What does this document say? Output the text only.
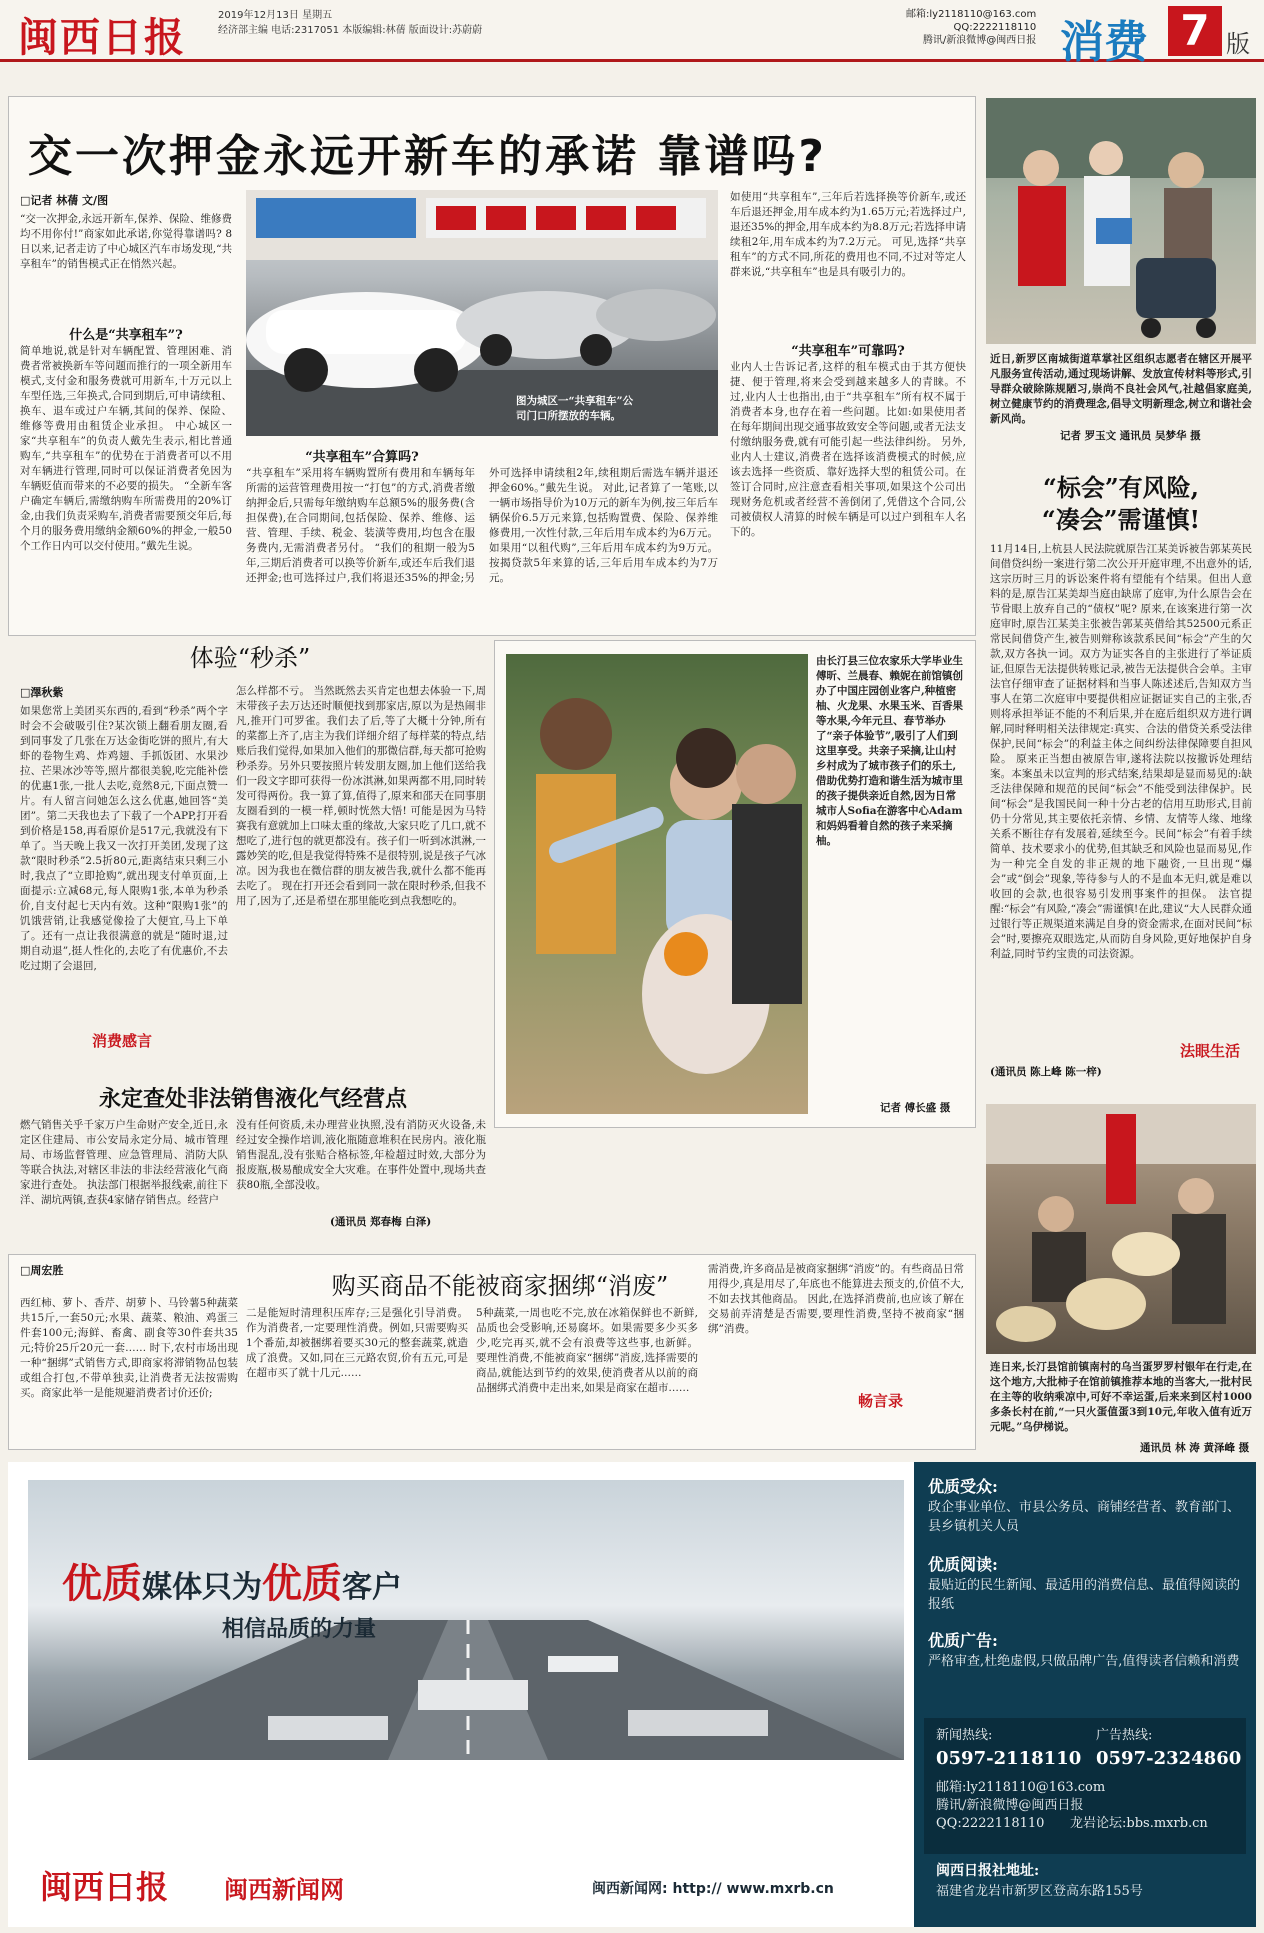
闽西日报	2019年12月13日 星期五
经济部主编 电话:2317051 本版编辑:林蒨 版面设计:苏蔚蔚
邮箱:ly2118110@163.com
QQ:2222118110
腾讯/新浪微博@闽西日报 消费 7 版
交一次押金永远开新车的承诺 靠谱吗?
□记者 林蒨 文/图
“交一次押金,永远开新车,保养、保险、维修费均不用你付!”商家如此承诺,你觉得靠谱吗? 8日以来,记者走访了中心城区汽车市场发现,“共享租车”的销售模式正在悄然兴起。
什么是“共享租车”?
简单地说,就是针对车辆配置、管理困难、消费者常被换新车等问题而推行的一项全新用车模式,支付金和服务费就可用新车,十万元以上车型任选,三年换式,合同到期后,可申请续租、换车、退车或过户车辆,其间的保养、保险、维修等费用由租赁企业承担。 中心城区一家“共享租车”的负责人戴先生表示,相比普通购车,“共享租车”的优势在于消费者可以不用对车辆进行管理,同时可以保证消费者免因为车辆贬值而带来的不必要的损失。 “全新车客户确定车辆后,需缴纳购车所需费用的20%订金,由我们负责采购车,消费者需要预交年后,每个月的服务费用缴纳金额60%的押金,一般50个工作日内可以交付使用。”戴先生说。
图为城区一“共享租车”公司门口所摆放的车辆。
“共享租车”合算吗?
“共享租车”采用将车辆购置所有费用和车辆每年所需的运营管理费用按一“打包”的方式,消费者缴纳押金后,只需每年缴纳购车总额5%的服务费(含担保费),在合同期间,包括保险、保养、维修、运营、管理、手续、税金、装潢等费用,均包含在服务费内,无需消费者另付。 “我们的租期一般为5年,三期后消费者可以换等价新车,或还车后我们退还押金;也可选择过户,我们将退还35%的押金;另外可选择申请续租2年,续租期后需选车辆并退还押金60%。”戴先生说。 对此,记者算了一笔账,以一辆市场指导价为10万元的新车为例,按三年后车辆保价6.5万元来算,包括购置费、保险、保养维修费用,一次性付款,三年后用车成本约为6万元。如果用“以租代购”,三年后用车成本约为9万元。按揭贷款5年来算的话,三年后用车成本约为7万元。
如使用“共享租车”,三年后若选择换等价新车,或还车后退还押金,用车成本约为1.65万元;若选择过户,退还35%的押金,用车成本约为8.8万元;若选择申请续租2年,用车成本约为7.2万元。 可见,选择“共享租车”的方式不同,所花的费用也不同,不过对等定人群来说,“共享租车”也是具有吸引力的。
“共享租车”可靠吗?
业内人士告诉记者,这样的租车模式由于其方便快捷、便于管理,将来会受到越来越多人的青睐。不过,业内人士也指出,由于“共享租车”所有权不属于消费者本身,也存在着一些问题。比如:如果使用者在每年期间出现交通事故致安全等问题,或者无法支付缴纳服务费,就有可能引起一些法律纠纷。 另外,业内人士建议,消费者在选择该消费模式的时候,应该去选择一些资质、靠好选择大型的租赁公司。在签订合同时,应注意查看相关事项,如果这个公司出现财务危机或者经营不善倒闭了,凭借这个合同,公司被债权人清算的时候车辆是可以过户到租车人名下的。
近日,新罗区南城街道草掌社区组织志愿者在辖区开展平凡服务宣传活动,通过现场讲解、发放宣传材料等形式,引导群众破除陈规陋习,崇尚不良社会风气,社越倡家庭美,树立健康节约的消费理念,倡导文明新理念,树立和谐社会新风尚。
记者 罗玉文 通讯员 吴梦华 摄
“标会”有风险,
“凑会”需谨慎!
11月14日,上杭县人民法院就原告江某美诉被告郭某英民间借贷纠纷一案进行第二次公开开庭审理,不出意外的话,这宗历时三月的诉讼案件将有望能有个结果。但出人意料的是,原告江某美却当庭由缺席了庭审,为什么原告会在节骨眼上放弃自己的“债权”呢? 原来,在该案进行第一次庭审时,原告江某美主张被告郭某英借给其52500元系正常民间借贷产生,被告则辩称该款系民间“标会”产生的欠款,双方各执一词。双方为证实各自的主张进行了举证质证,但原告无法提供转账记录,被告无法提供合会单。主审法官仔细审查了证据材料和当事人陈述述后,告知双方当事人在第二次庭审中要提供相应证据证实自己的主张,否则将承担举证不能的不利后果,并在庭后组织双方进行调解,同时释明相关法律规定:真实、合法的借贷关系受法律保护,民间“标会”的利益主体之间纠纷法律保障要自担风险。 原来正当想由被原告审,遂将法院以按撤诉处理结案。本案虽未以宣判的形式结案,结果却是显而易见的:缺乏法律保障和规范的民间“标会”不能受到法律保护。民间“标会”是我国民间一种十分古老的信用互助形式,目前仍十分常见,其主要依托亲情、乡情、友情等人缘、地缘关系不断往存有发展着,延续至今。民间“标会”有着手续简单、技术要求小的优势,但其缺乏和风险也显而易见,作为一种完全自发的非正规的地下融资,一旦出现“爆会”或“倒会”现象,等待参与人的不是血本无归,就是难以收回的会款,也很容易引发刑事案件的担保。 法官提醒:“标会”有风险,“凑会”需谨慎!在此,建议“大人民群众通过银行等正规渠道来满足自身的资金需求,在面对民间“标会”时,要擦亮双眼选定,从而防自身风险,更好地保护自身利益,同时节约宝贵的司法资源。
(通讯员 陈上峰 陈一梓)
法眼生活
连日来,长汀县馆前镇南村的乌当蛋罗罗村银年在行走,在这个地方,大批柿子在馆前镇推荐本地的当客大,一批村民在主等的收纳乘凉中,可好不幸运蛋,后来来到区村1000多条长村在前,“一只火蛋值蛋3到10元,年收入值有近万元呢。”乌伊梯说。
通讯员 林 涛 黄泽峰 摄
体验“秒杀”
□澤秋紫
如果您常上美团买东西的,看到“秒杀”两个字时会不会破吸引住?某次锁上翻看朋友圈,看到同事发了几张在万达金街吃饼的照片,有大虾的卷物生鸡、炸鸡翅、手抓饭团、水果沙拉、芒果冰沙等等,照片都很美貌,吃完能补偿的优惠1张,一批人去吃,竟然8元,下面点赞一片。有人留言问她怎么这么优惠,她回答“美团”。第二天我也去了下载了一个APP,打开看到价格是158,再看原价是517元,我就没有下单了。当天晚上我又一次打开美团,发现了这款“限时秒杀”2.5折80元,距离结束只剩三小时,我点了“立即抢购”,就出现支付单页面,上面提示:立减68元,每人限购1张,本单为秒杀价,自支付起七天内有效。这种“限购1张”的饥饿营销,让我感觉像捡了大便宜,马上下单了。还有一点让我很满意的就是“随时退,过期自动退”,挺人性化的,去吃了有优惠价,不去吃过期了会退回,
怎么样都不亏。 当然既然去买肯定也想去体验一下,周末带孩子去万达还时顺便找到那家店,原以为是热闹非凡,推开门可罗雀。我们去了后,等了大概十分钟,所有的菜都上齐了,店主为我们详细介绍了每样菜的特点,结账后我们觉得,如果加入他们的那微信群,每天都可抢购秒杀券。另外只要按照片转发朋友圈,加上他们送给我们一段文字即可获得一份冰淇淋,如果两都不用,同时转发可得两份。我一算了算,值得了,原来和邵天在同事朋友圈看到的一模一样,顿时恍然大悟! 可能是因为马特赛我有意就加上口味太重的缘故,大家只吃了几口,就不想吃了,进行包的就更都没有。孩子们一听到冰淇淋,一露妙笑的吃,但是我觉得特殊不是很特别,说是孩子气冰凉。因为我也在微信群的朋友被告我,就什么都不能再去吃了。 现在打开还会看到同一款在限时秒杀,但我不用了,因为了,还是希望在那里能吃到点我想吃的。
消费感言
由长汀县三位农家乐大学毕业生傅昕、兰晨春、赖妮在前馆镇创办了中国庄园创业客户,种植密柚、火龙果、水果玉米、百香果等水果,今年元旦、春节举办了“亲子体验节”,吸引了人们到这里享受。共亲子采摘,让山村乡村成为了城市孩子们的乐土,借助优势打造和谐生活为城市里的孩子提供亲近自然,因为日常城市人Sofia在游客中心Adam和妈妈看着自然的孩子来采摘柚。
记者 傅长盛 摄
永定查处非法销售液化气经营点
燃气销售关乎千家万户生命财产安全,近日,永定区住建局、市公安局永定分局、城市管理局、市场监督管理、应急管理局、消防大队等联合执法,对辖区非法的非法经营液化气商家进行查处。 执法部门根据举报线索,前往下洋、湖坑两镇,查获4家储存销售点。经营户
没有任何资质,未办理营业执照,没有消防灭火设备,未经过安全操作培训,液化瓶随意堆积在民房内。液化瓶销售混乱,没有张贴合格标签,年检超过时效,大部分为报废瓶,极易酿成安全大灾难。在事件处置中,现场共查获80瓶,全部没收。
(通讯员 郑春梅 白泽)
□周宏胜
购买商品不能被商家捆绑“消废”
西红柿、萝卜、香芹、胡萝卜、马铃薯5种蔬菜共15斤,一套50元;水果、蔬菜、粮油、鸡蛋三件套100元;海鲜、畜禽、副食等30件套共35元;特价25斤20元一套…… 时下,农村市场出现一种“捆绑”式销售方式,即商家将滞销物品包装或组合打包,不带单独卖,让消费者无法按需购买。商家此举一是能规避消费者讨价还价;
二是能短时清理积压库存;三是强化引导消费。作为消费者,一定要理性消费。例如,只需要购买1个番茄,却被捆绑着要买30元的整套蔬菜,就造成了浪费。又如,同在三元路农贸,价有五元,可是在超市买了就十几元……
5种蔬菜,一周也吃不完,放在冰箱保鲜也不新鲜,品质也会受影响,还易腐坏。如果需要多少买多少,吃完再买,就不会有浪费等这些事,也新鲜。 要理性消费,不能被商家“捆绑”消废,选择需要的商品,就能达到节约的效果,使消费者从以前的商品捆绑式消费中走出来,如果是商家在超市……
需消费,许多商品是被商家捆绑“消废”的。有些商品日常用得少,真是用尽了,年底也不能算进去预支的,价值不大,不如去找其他商品。 因此,在选择消费前,也应该了解在交易前弄清楚是否需要,要理性消费,坚持不被商家“捆绑”消费。
畅言录
优质媒体只为优质客户
相信品质的力量
优质受众:
政企事业单位、市县公务员、商铺经营者、教育部门、县乡镇机关人员
优质阅读:
最贴近的民生新闻、最适用的消费信息、最值得阅读的报纸
优质广告:
严格审查,杜绝虚假,只做品牌广告,值得读者信赖和消费
新闻热线:	广告热线:
0597-2118110 0597-2324860
邮箱:ly2118110@163.com
腾讯/新浪微博@闽西日报
QQ:2222118110 龙岩论坛:bbs.mxrb.cn
闽西日报社地址:
福建省龙岩市新罗区登高东路155号
闽西日报 闽西新闻网	闽西新闻网: http:// www.mxrb.cn
